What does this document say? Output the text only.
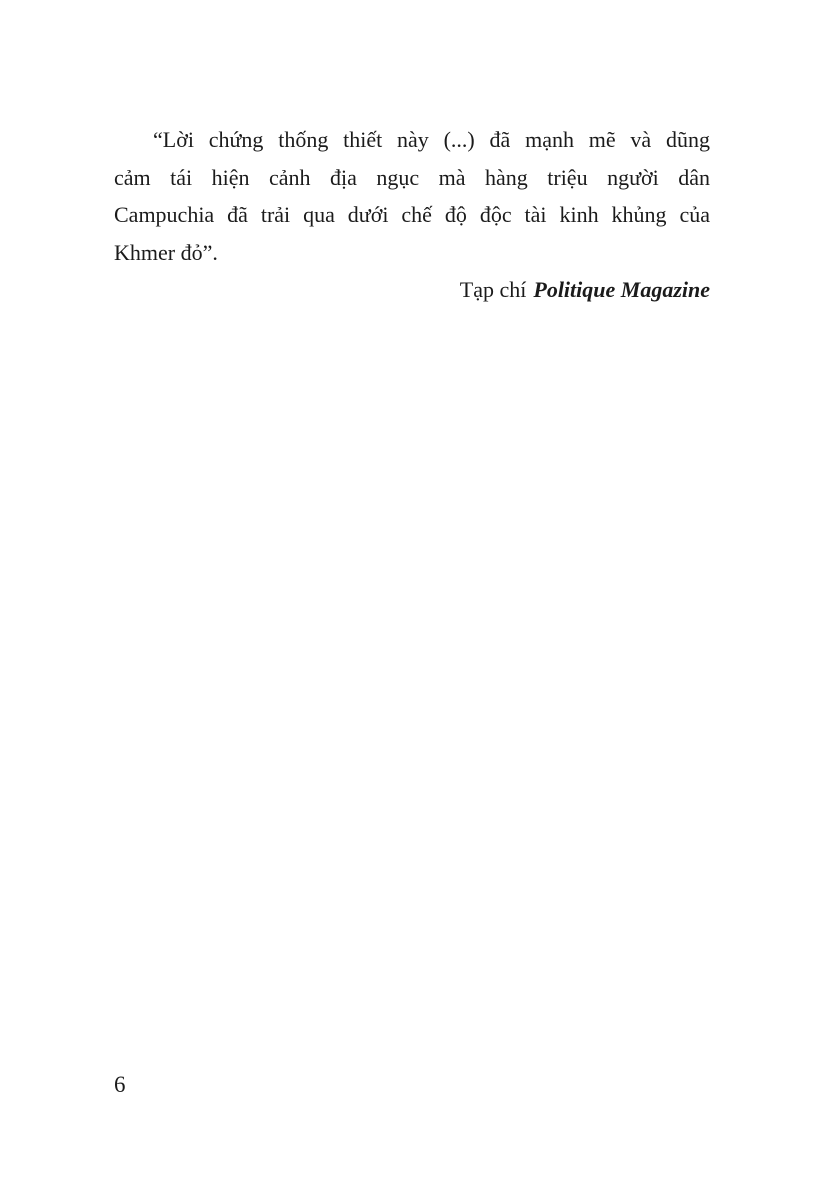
“Lời chứng thống thiết này (...) đã mạnh mẽ và dũng

cảm tái hiện cảnh địa ngục mà hàng triệu người dân

Campuchia đã trải qua dưới chế độ độc tài kinh khủng của

Khmer đỏ”.

Tạp chí Politique Magazine

6
